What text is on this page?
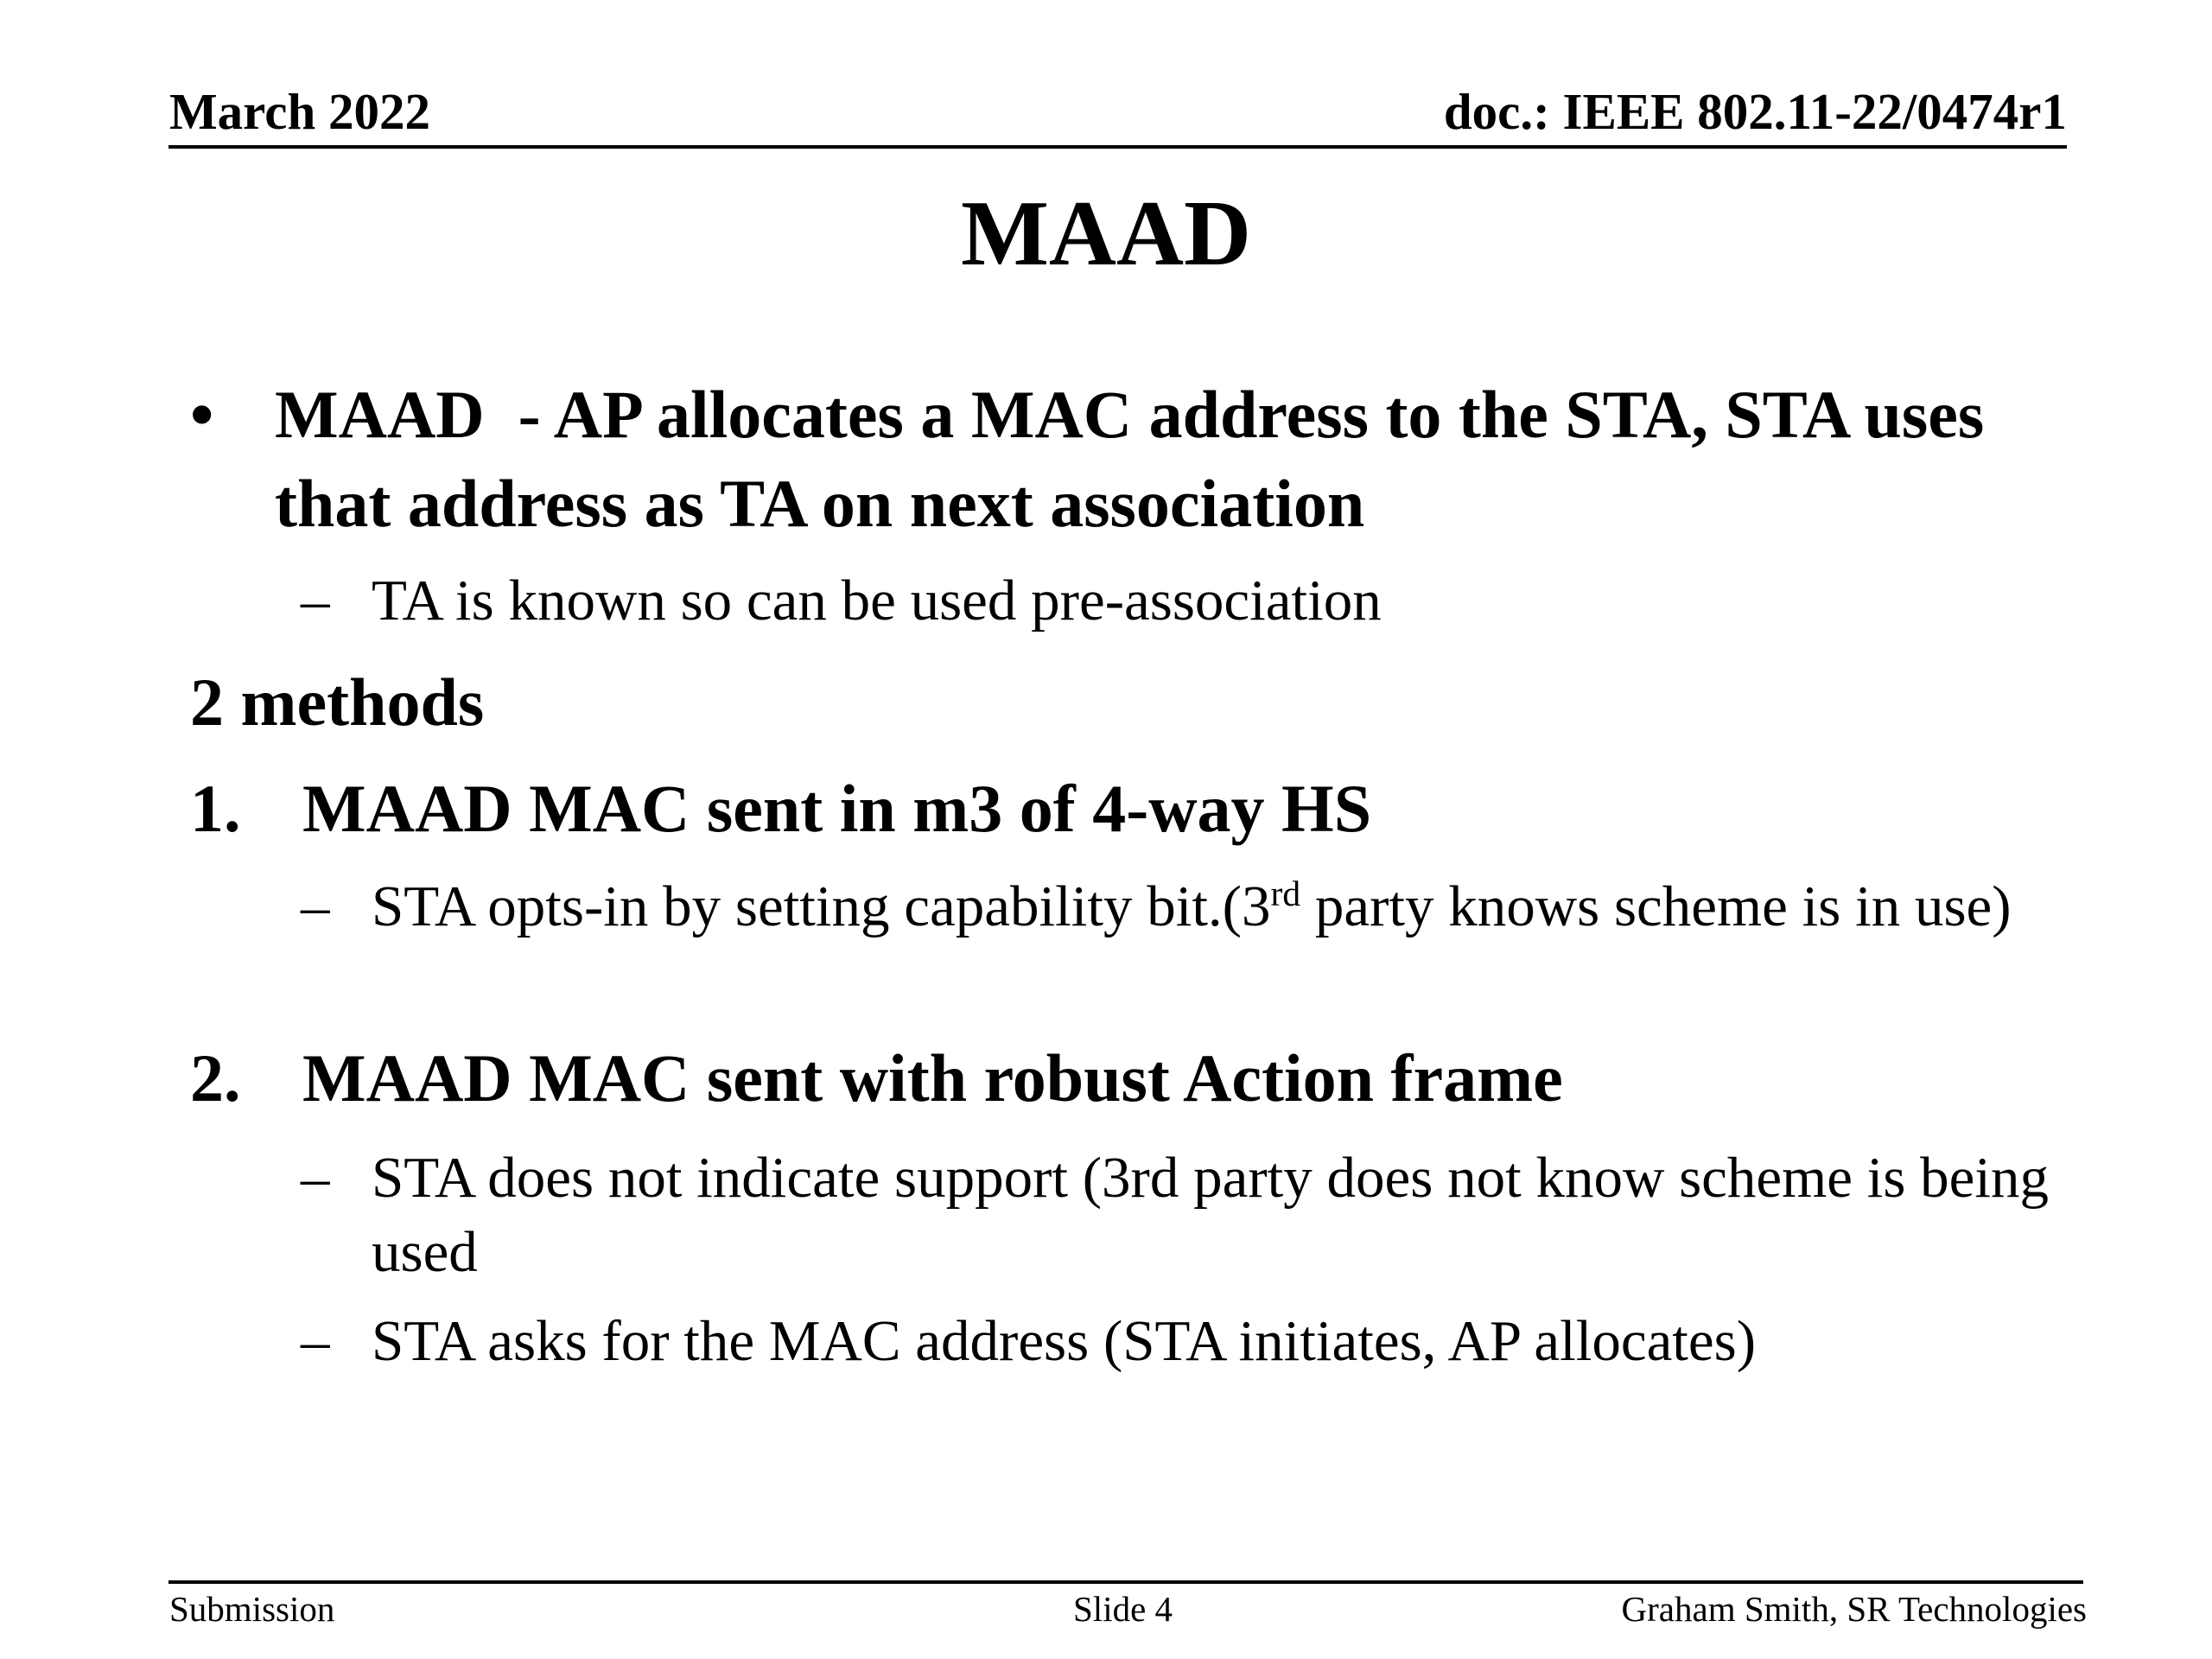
March 2022	doc.: IEEE 802.11-22/0474r1
MAAD
• MAAD  - AP allocates a MAC address to the STA, STA uses that address as TA on next association
– TA is known so can be used pre-association
2 methods
1. MAAD MAC sent in m3 of 4-way HS
– STA opts-in by setting capability bit.(3rd party knows scheme is in use)
2. MAAD MAC sent with robust Action frame
– STA does not indicate support (3rd party does not know scheme is being used
– STA asks for the MAC address (STA initiates, AP allocates)
Submission	Slide 4	Graham Smith, SR Technologies
